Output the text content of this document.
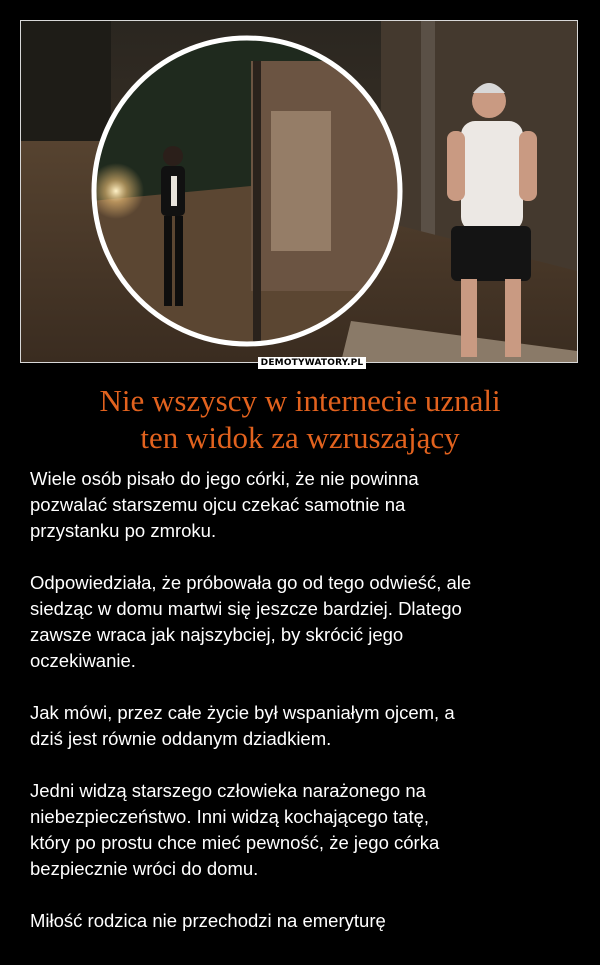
DEMOTYWATORY.PL
Nie wszyscy w internecie uznali
ten widok za wzruszający

Wiele osób pisało do jego córki, że nie powinna
pozwalać starszemu ojcu czekać samotnie na
przystanku po zmroku.

Odpowiedziała, że próbowała go od tego odwieść, ale
siedząc w domu martwi się jeszcze bardziej. Dlatego
zawsze wraca jak najszybciej, by skrócić jego
oczekiwanie.

Jak mówi, przez całe życie był wspaniałym ojcem, a
dziś jest równie oddanym dziadkiem.

Jedni widzą starszego człowieka narażonego na
niebezpieczeństwo. Inni widzą kochającego tatę,
który po prostu chce mieć pewność, że jego córka
bezpiecznie wróci do domu.

Miłość rodzica nie przechodzi na emeryturę
